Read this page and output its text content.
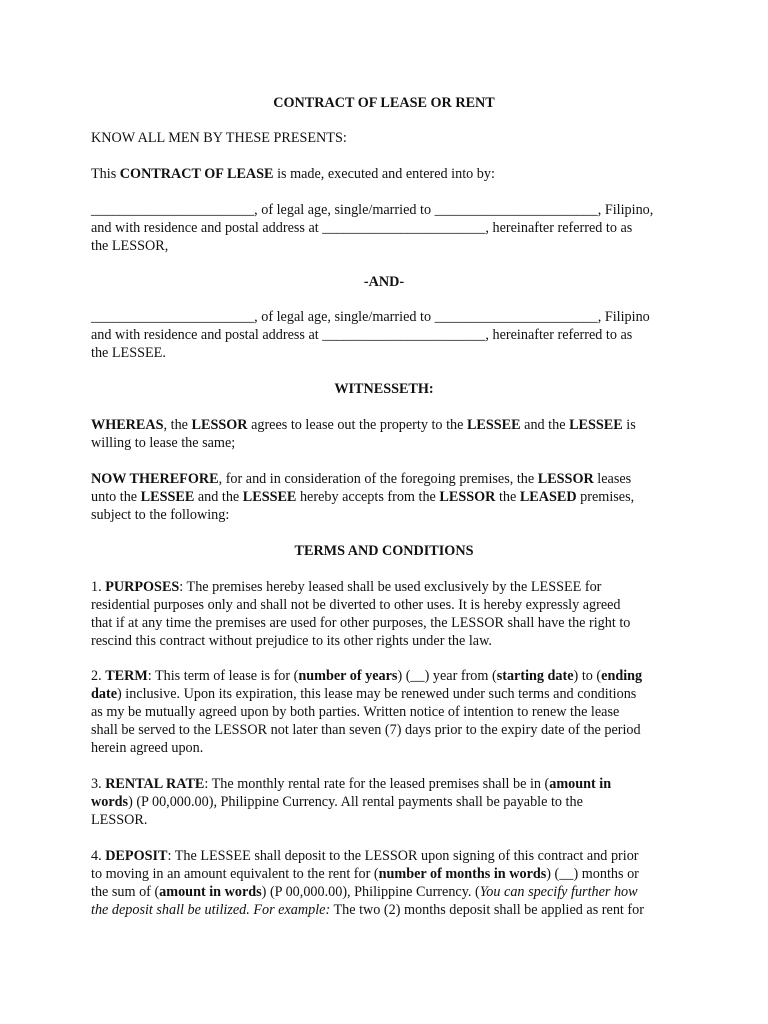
CONTRACT OF LEASE OR RENT
KNOW ALL MEN BY THESE PRESENTS:
This CONTRACT OF LEASE is made, executed and entered into by:
_______________________, of legal age, single/married to _______________________, Filipino,
and with residence and postal address at _______________________, hereinafter referred to as
the LESSOR,
-AND-
_______________________, of legal age, single/married to _______________________, Filipino
and with residence and postal address at _______________________, hereinafter referred to as
the LESSEE.
WITNESSETH:
WHEREAS, the LESSOR agrees to lease out the property to the LESSEE and the LESSEE is
willing to lease the same;
NOW THEREFORE, for and in consideration of the foregoing premises, the LESSOR leases
unto the LESSEE and the LESSEE hereby accepts from the LESSOR the LEASED premises,
subject to the following:
TERMS AND CONDITIONS
1. PURPOSES: The premises hereby leased shall be used exclusively by the LESSEE for
residential purposes only and shall not be diverted to other uses. It is hereby expressly agreed
that if at any time the premises are used for other purposes, the LESSOR shall have the right to
rescind this contract without prejudice to its other rights under the law.
2. TERM: This term of lease is for (number of years) (__) year from (starting date) to (ending
date) inclusive. Upon its expiration, this lease may be renewed under such terms and conditions
as my be mutually agreed upon by both parties. Written notice of intention to renew the lease
shall be served to the LESSOR not later than seven (7) days prior to the expiry date of the period
herein agreed upon.
3. RENTAL RATE: The monthly rental rate for the leased premises shall be in (amount in
words) (P 00,000.00), Philippine Currency. All rental payments shall be payable to the
LESSOR.
4. DEPOSIT: The LESSEE shall deposit to the LESSOR upon signing of this contract and prior
to moving in an amount equivalent to the rent for (number of months in words) (__) months or
the sum of (amount in words) (P 00,000.00), Philippine Currency. (You can specify further how
the deposit shall be utilized. For example: The two (2) months deposit shall be applied as rent for
